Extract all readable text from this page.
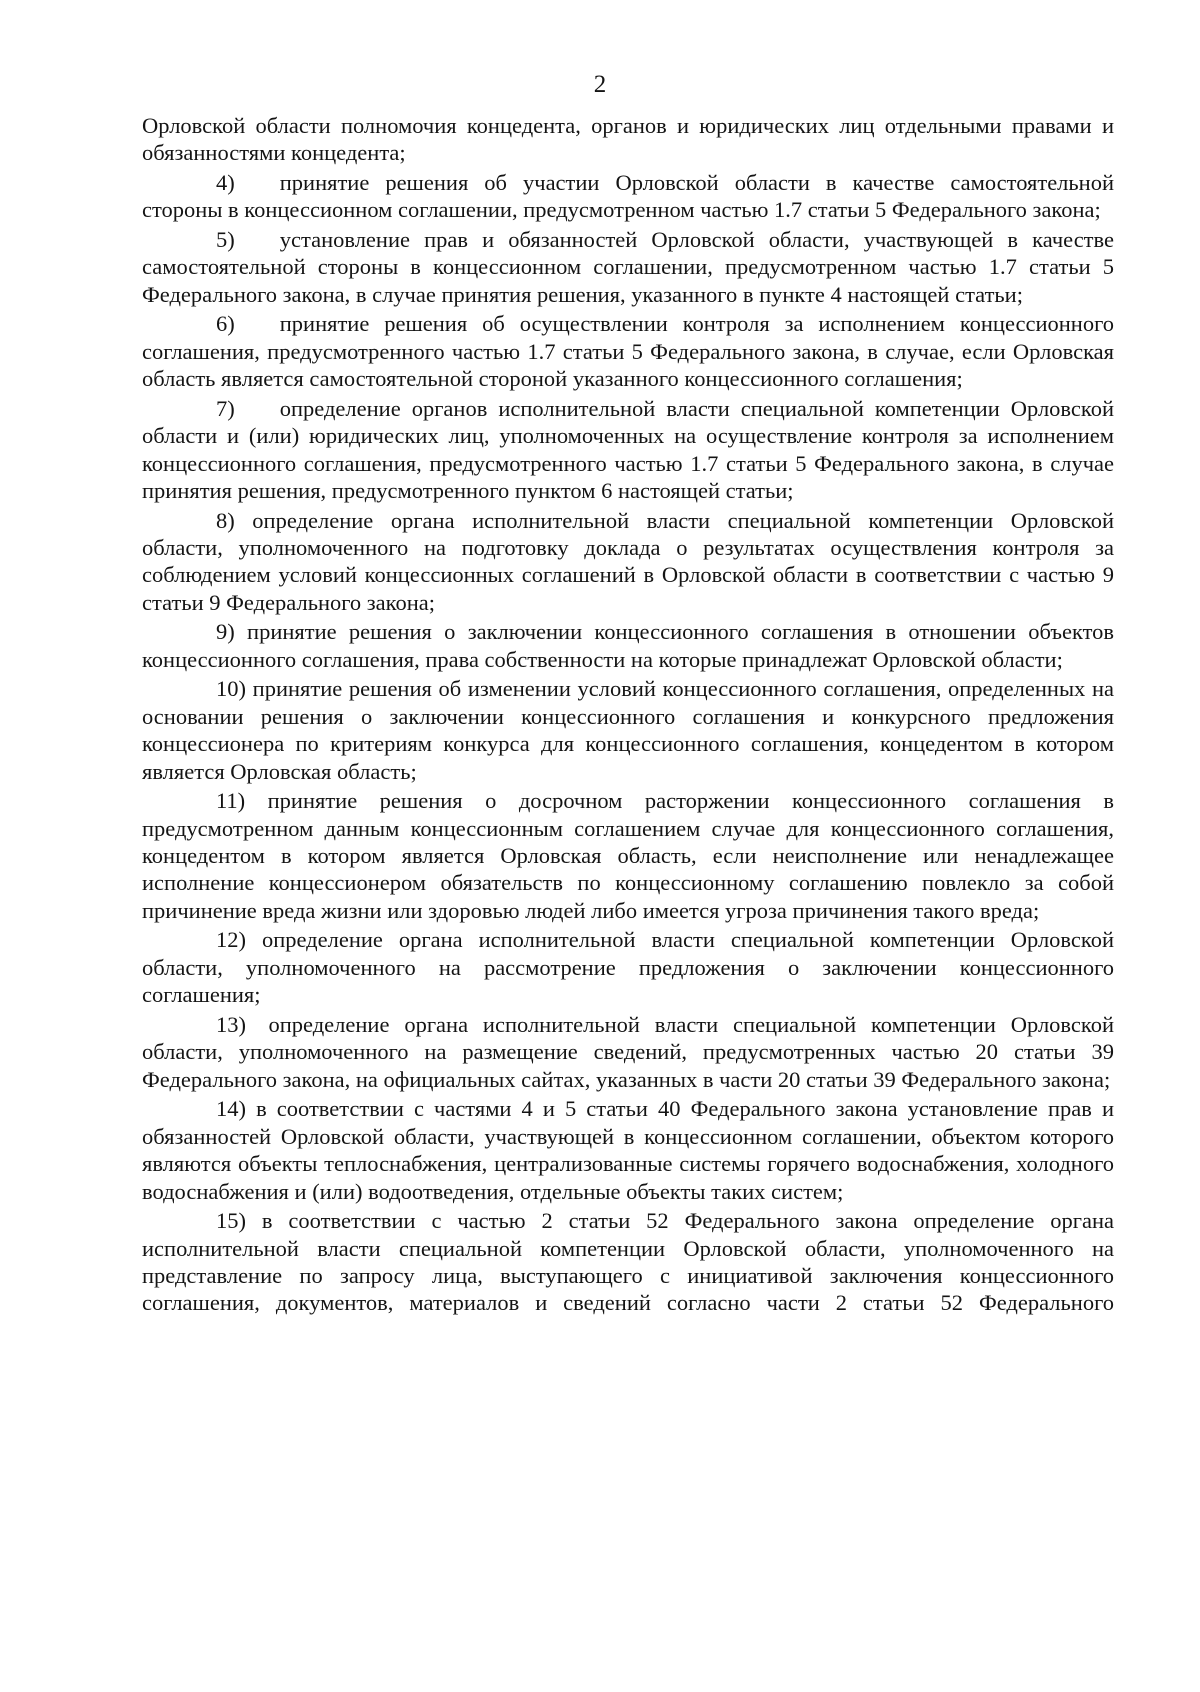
2

Орловской области полномочия концедента, органов и юридических лиц отдельными правами и обязанностями концедента;

4)  принятие решения об участии Орловской области в качестве самостоятельной стороны в концессионном соглашении, предусмотренном частью 1.7 статьи 5 Федерального закона;

5)  установление прав и обязанностей Орловской области, участвующей в качестве самостоятельной стороны в концессионном соглашении, предусмотренном частью 1.7 статьи 5 Федерального закона, в случае принятия решения, указанного в пункте 4 настоящей статьи;

6)  принятие решения об осуществлении контроля за исполнением концессионного соглашения, предусмотренного частью 1.7 статьи 5 Федерального закона, в случае, если Орловская область является самостоятельной стороной указанного концессионного соглашения;

7)  определение органов исполнительной власти специальной компетенции Орловской области и (или) юридических лиц, уполномоченных на осуществление контроля за исполнением концессионного соглашения, предусмотренного частью 1.7 статьи 5 Федерального закона, в случае принятия решения, предусмотренного пунктом 6 настоящей статьи;

8) определение органа исполнительной власти специальной компетенции Орловской области, уполномоченного на подготовку доклада о результатах осуществления контроля за соблюдением условий концессионных соглашений в Орловской области в соответствии с частью 9 статьи 9 Федерального закона;

9) принятие решения о заключении концессионного соглашения в отношении объектов концессионного соглашения, права собственности на которые принадлежат Орловской области;

10) принятие решения об изменении условий концессионного соглашения, определенных на основании решения о заключении концессионного соглашения и конкурсного предложения концессионера по критериям конкурса для концессионного соглашения, концедентом в котором является Орловская область;

11) принятие решения о досрочном расторжении концессионного соглашения в предусмотренном данным концессионным соглашением случае для концессионного соглашения, концедентом в котором является Орловская область, если неисполнение или ненадлежащее исполнение концессионером обязательств по концессионному соглашению повлекло за собой причинение вреда жизни или здоровью людей либо имеется угроза причинения такого вреда;

12) определение органа исполнительной власти специальной компетенции Орловской области, уполномоченного на рассмотрение предложения о заключении концессионного соглашения;

13) определение органа исполнительной власти специальной компетенции Орловской области, уполномоченного на размещение сведений, предусмотренных частью 20 статьи 39 Федерального закона, на официальных сайтах, указанных в части 20 статьи 39 Федерального закона;

14) в соответствии с частями 4 и 5 статьи 40 Федерального закона установление прав и обязанностей Орловской области, участвующей в концессионном соглашении, объектом которого являются объекты теплоснабжения, централизованные системы горячего водоснабжения, холодного водоснабжения и (или) водоотведения, отдельные объекты таких систем;

15) в соответствии с частью 2 статьи 52 Федерального закона определение органа исполнительной власти специальной компетенции Орловской области, уполномоченного на представление по запросу лица, выступающего с инициативой заключения концессионного соглашения, документов, материалов и сведений согласно части 2 статьи 52 Федерального
